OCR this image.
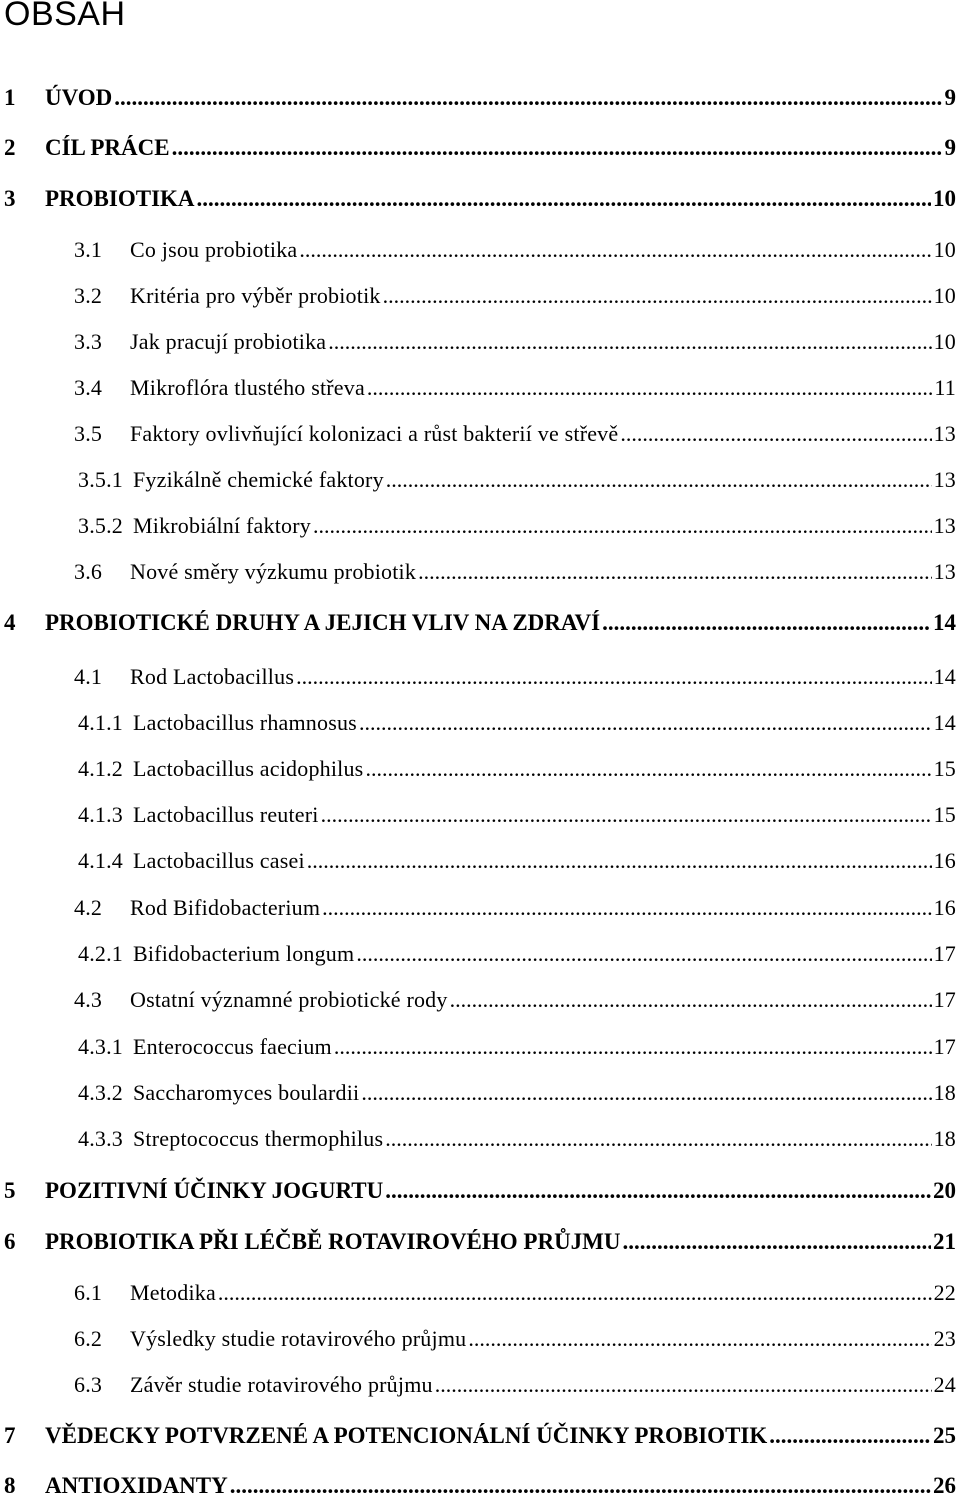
OBSAH
1	ÚVOD .....	9
2	CÍL PRÁCE .....	9
3	PROBIOTIKA .....	10
3.1	Co jsou probiotika .....	10
3.2	Kritéria pro výběr probiotik .....	10
3.3	Jak pracují probiotika .....	10
3.4	Mikroflóra tlustého střeva .....	11
3.5	Faktory ovlivňující kolonizaci a růst bakterií ve střevě .....	13
3.5.1 Fyzikálně chemické faktory .....	13
3.5.2 Mikrobiální faktory .....	13
3.6	Nové směry výzkumu probiotik .....	13
4	PROBIOTICKÉ DRUHY A JEJICH VLIV NA ZDRAVÍ .....	14
4.1	Rod Lactobacillus .....	14
4.1.1 Lactobacillus rhamnosus .....	14
4.1.2 Lactobacillus acidophilus .....	15
4.1.3 Lactobacillus reuteri .....	15
4.1.4 Lactobacillus casei .....	16
4.2	Rod Bifidobacterium .....	16
4.2.1 Bifidobacterium longum .....	17
4.3	Ostatní významné probiotické rody .....	17
4.3.1 Enterococcus faecium .....	17
4.3.2 Saccharomyces boulardii .....	18
4.3.3 Streptococcus thermophilus .....	18
5	POZITIVNÍ ÚČINKY JOGURTU .....	20
6	PROBIOTIKA PŘI LÉČBĚ ROTAVIROVÉHO PRŮJMU .....	21
6.1	Metodika .....	22
6.2	Výsledky studie rotavirového průjmu .....	23
6.3	Závěr studie rotavirového průjmu .....	24
7	VĚDECKY POTVRZENÉ A POTENCIONÁLNÍ ÚČINKY PROBIOTIK .....	25
8	ANTIOXIDANTY .....	26
